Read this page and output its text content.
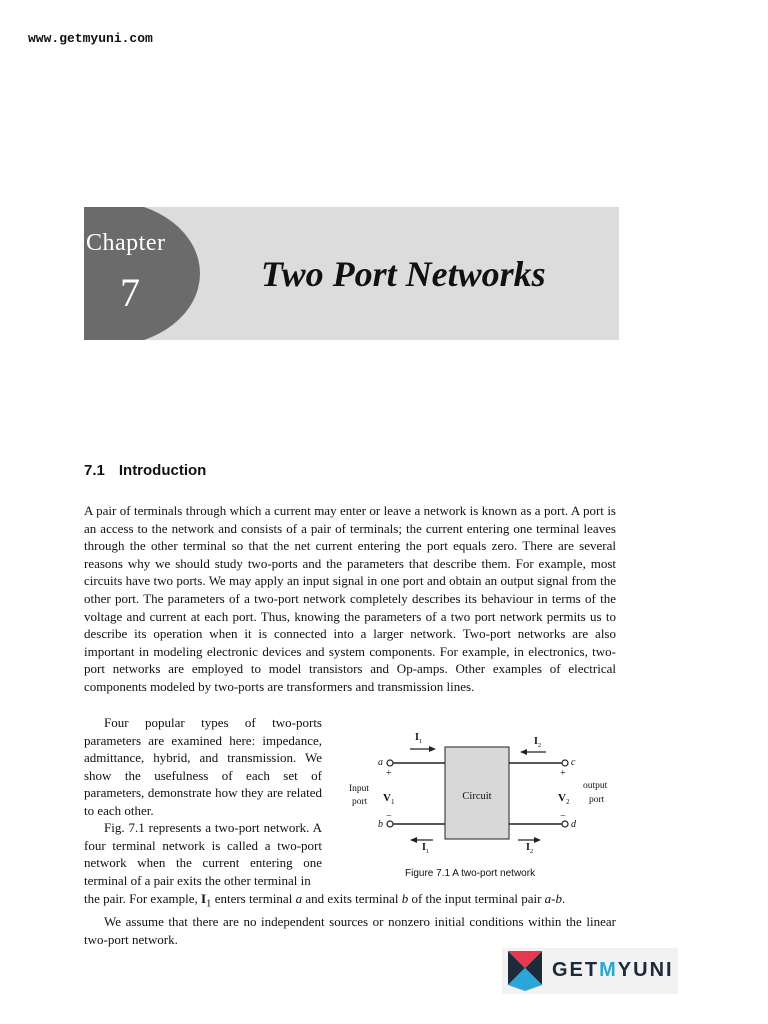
www.getmyuni.com
Chapter
7	Two Port Networks
7.1 Introduction
A pair of terminals through which a current may enter or leave a network is known as a port. A port is an access to the network and consists of a pair of terminals; the current entering one terminal leaves through the other terminal so that the net current entering the port equals zero. There are several reasons why we should study two-ports and the parameters that describe them. For example, most circuits have two ports. We may apply an input signal in one port and obtain an output signal from the other port. The parameters of a two-port network completely describes its behaviour in terms of the voltage and current at each port. Thus, knowing the parameters of a two port network permits us to describe its operation when it is connected into a larger network. Two-port networks are also important in modeling electronic devices and system components. For example, in electronics, two-port networks are employed to model transistors and Op-amps. Other examples of electrical components modeled by two-ports are transformers and transmission lines.

Four popular types of two-ports parameters are examined here: impedance, admittance, hybrid, and transmission. We show the usefulness of each set of parameters, demonstrate how they are related to each other.

Fig. 7.1 represents a two-port network. A four terminal network is called a two-port network when the current entering one terminal of a pair exits the other terminal in

Circuit
a
b
c
d
+
−
+
−
$V_1$	$V_2$
Input
port
output
port
$I_1$	$I_2$
$I_1$	$I_2$
Figure 7.1 A two-port network

the pair. For example, $I_1$ enters terminal a and exits terminal b of the input terminal pair a-b.

We assume that there are no independent sources or nonzero initial conditions within the linear two-port network.

GETMYUNI
